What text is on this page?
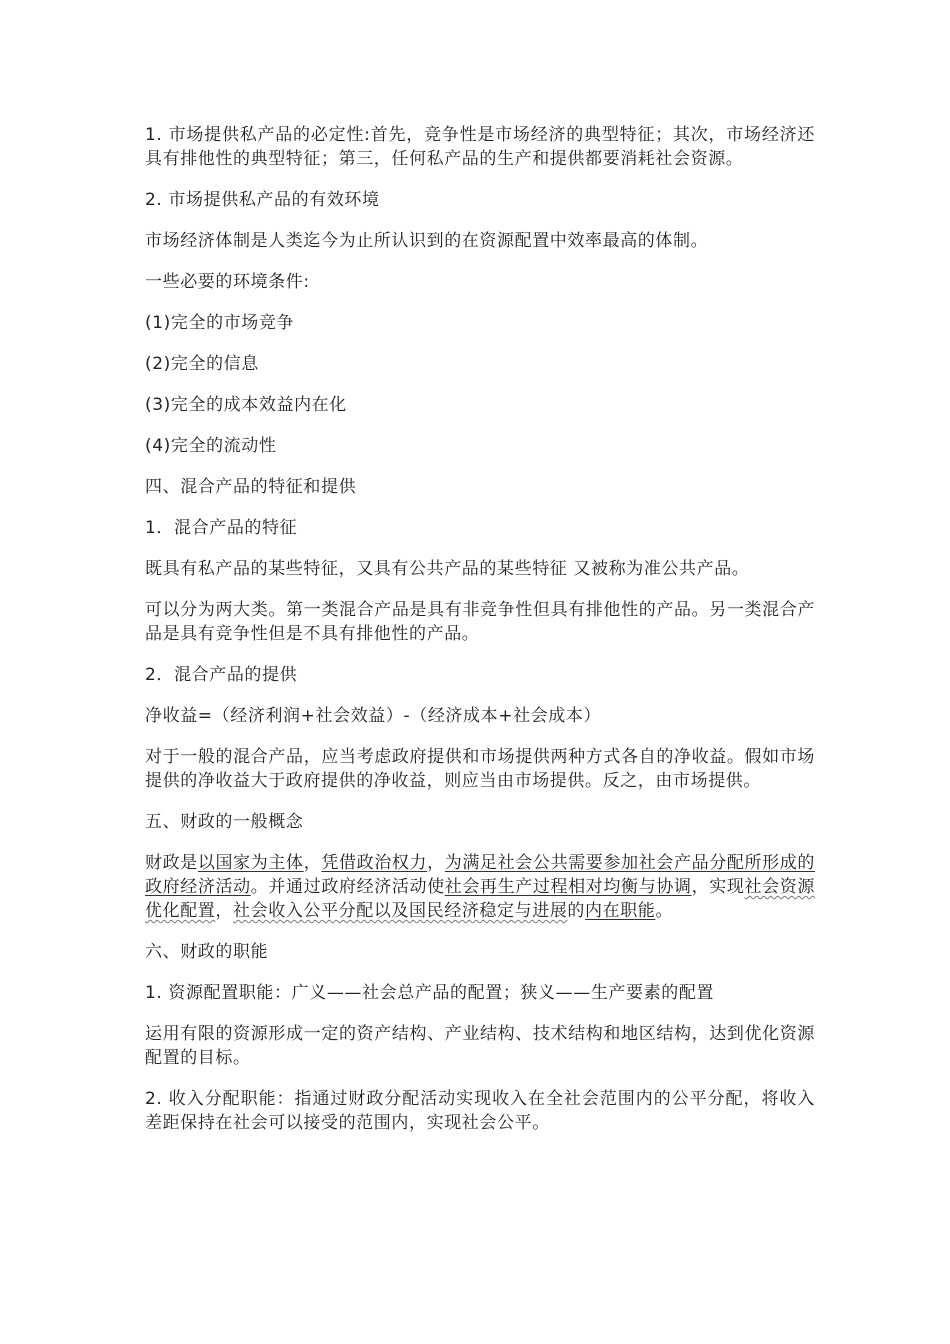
1. 市场提供私产品的必定性:首先，竞争性是市场经济的典型特征；其次，市场经济还具有排他性的典型特征；第三，任何私产品的生产和提供都要消耗社会资源。

2. 市场提供私产品的有效环境

市场经济体制是人类迄今为止所认识到的在资源配置中效率最高的体制。

一些必要的环境条件:

(1)完全的市场竞争

(2)完全的信息

(3)完全的成本效益内在化

(4)完全的流动性

四、混合产品的特征和提供

1．混合产品的特征

既具有私产品的某些特征，又具有公共产品的某些特征 又被称为准公共产品。

可以分为两大类。第一类混合产品是具有非竞争性但具有排他性的产品。另一类混合产品是具有竞争性但是不具有排他性的产品。

2．混合产品的提供

净收益=（经济利润+社会效益）-（经济成本+社会成本）

对于一般的混合产品，应当考虑政府提供和市场提供两种方式各自的净收益。假如市场提供的净收益大于政府提供的净收益，则应当由市场提供。反之，由市场提供。

五、财政的一般概念

财政是以国家为主体，凭借政治权力，为满足社会公共需要参加社会产品分配所形成的政府经济活动。并通过政府经济活动使社会再生产过程相对均衡与协调，实现社会资源优化配置，社会收入公平分配以及国民经济稳定与进展的内在职能。

六、财政的职能

1. 资源配置职能：广义——社会总产品的配置；狭义——生产要素的配置

运用有限的资源形成一定的资产结构、产业结构、技术结构和地区结构，达到优化资源配置的目标。

2. 收入分配职能：指通过财政分配活动实现收入在全社会范围内的公平分配，将收入差距保持在社会可以接受的范围内，实现社会公平。
